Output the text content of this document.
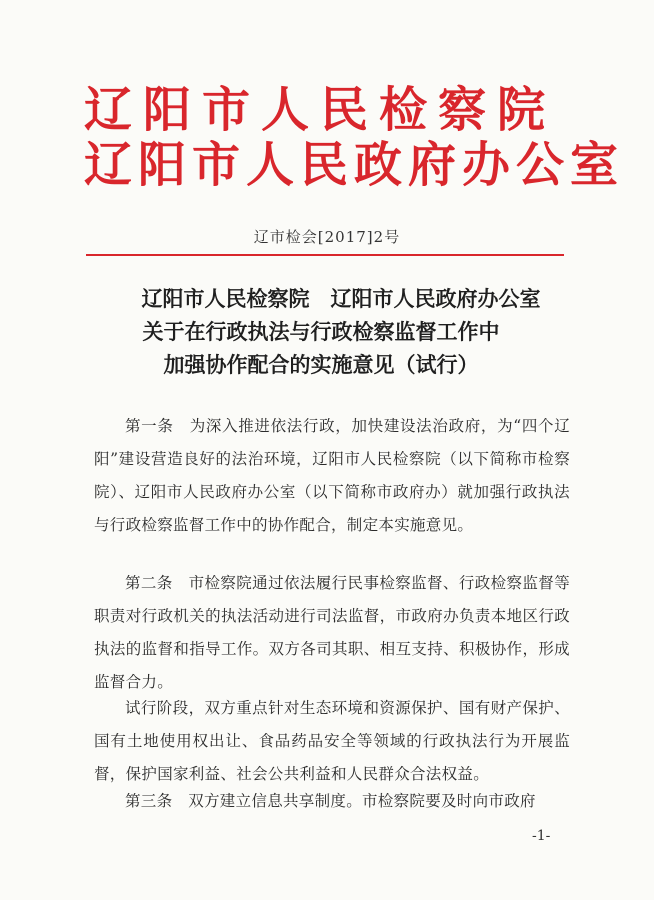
辽阳市人民检察院
辽阳市人民政府办公室
辽市检会[2017]2号
辽阳市人民检察院　辽阳市人民政府办公室
关于在行政执法与行政检察监督工作中
加强协作配合的实施意见（试行）

第一条　为深入推进依法行政，加快建设法治政府，为“四个辽阳”建设营造良好的法治环境，辽阳市人民检察院（以下简称市检察院）、辽阳市人民政府办公室（以下简称市政府办）就加强行政执法与行政检察监督工作中的协作配合，制定本实施意见。

第二条　市检察院通过依法履行民事检察监督、行政检察监督等职责对行政机关的执法活动进行司法监督，市政府办负责本地区行政执法的监督和指导工作。双方各司其职、相互支持、积极协作，形成监督合力。

试行阶段，双方重点针对生态环境和资源保护、国有财产保护、国有土地使用权出让、食品药品安全等领域的行政执法行为开展监督，保护国家利益、社会公共利益和人民群众合法权益。

第三条　双方建立信息共享制度。市检察院要及时向市政府

-1-
